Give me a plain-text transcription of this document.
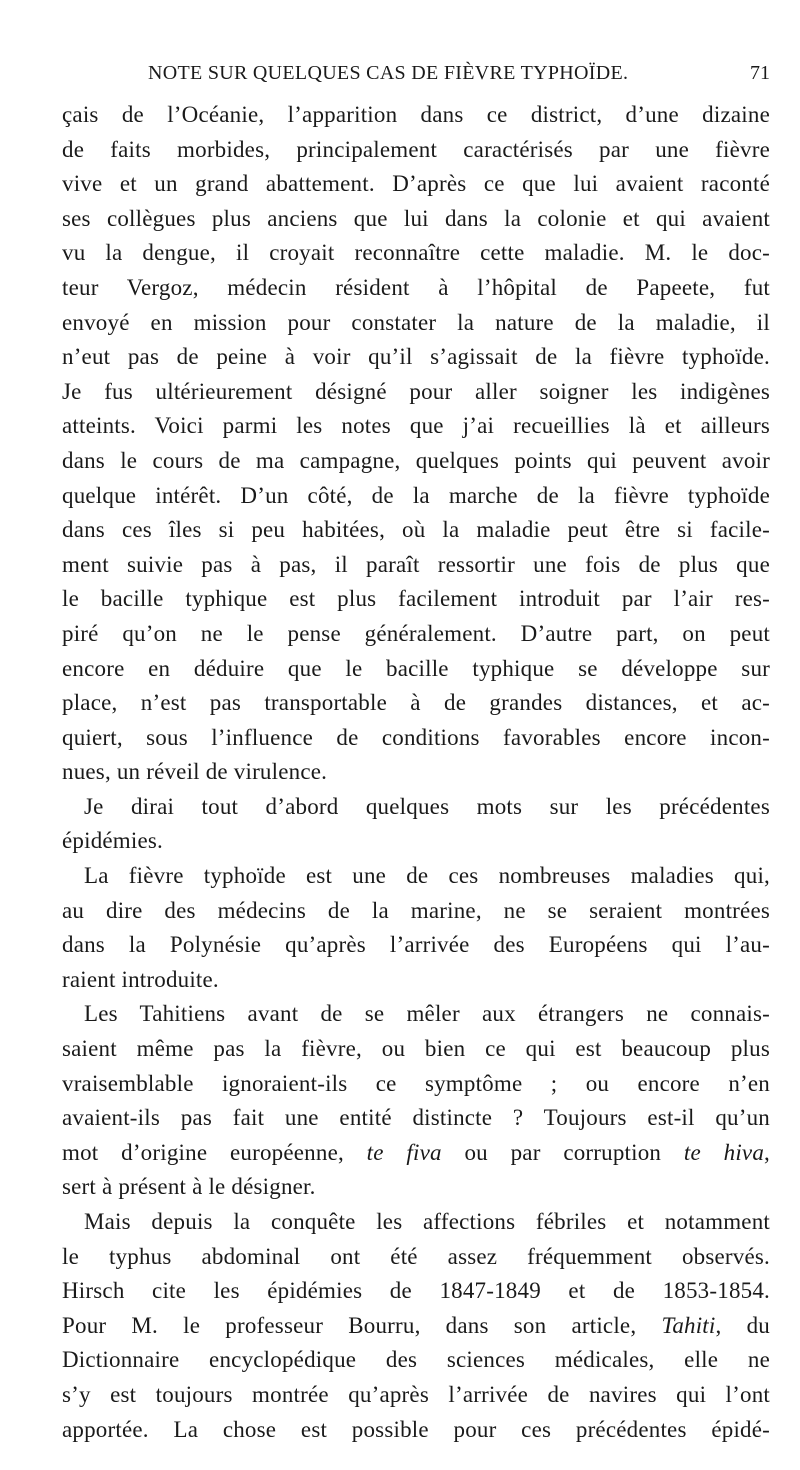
NOTE SUR QUELQUES CAS DE FIÈVRE TYPHOÏDE.	71
çais de l’Océanie, l’apparition dans ce district, d’une dizaine
de faits morbides, principalement caractérisés par une fièvre
vive et un grand abattement. D’après ce que lui avaient raconté
ses collègues plus anciens que lui dans la colonie et qui avaient
vu la dengue, il croyait reconnaître cette maladie. M. le doc-
teur Vergoz, médecin résident à l’hôpital de Papeete, fut
envoyé en mission pour constater la nature de la maladie, il
n’eut pas de peine à voir qu’il s’agissait de la fièvre typhoïde.
Je fus ultérieurement désigné pour aller soigner les indigènes
atteints. Voici parmi les notes que j’ai recueillies là et ailleurs
dans le cours de ma campagne, quelques points qui peuvent avoir
quelque intérêt. D’un côté, de la marche de la fièvre typhoïde
dans ces îles si peu habitées, où la maladie peut être si facile-
ment suivie pas à pas, il paraît ressortir une fois de plus que
le bacille typhique est plus facilement introduit par l’air res-
piré qu’on ne le pense généralement. D’autre part, on peut
encore en déduire que le bacille typhique se développe sur
place, n’est pas transportable à de grandes distances, et ac-
quiert, sous l’influence de conditions favorables encore incon-
nues, un réveil de virulence.
Je dirai tout d’abord quelques mots sur les précédentes
épidémies.
La fièvre typhoïde est une de ces nombreuses maladies qui,
au dire des médecins de la marine, ne se seraient montrées
dans la Polynésie qu’après l’arrivée des Européens qui l’au-
raient introduite.
Les Tahitiens avant de se mêler aux étrangers ne connais-
saient même pas la fièvre, ou bien ce qui est beaucoup plus
vraisemblable ignoraient-ils ce symptôme ; ou encore n’en
avaient-ils pas fait une entité distincte ? Toujours est-il qu’un
mot d’origine européenne, te fiva ou par corruption te hiva,
sert à présent à le désigner.
Mais depuis la conquête les affections fébriles et notamment
le typhus abdominal ont été assez fréquemment observés.
Hirsch cite les épidémies de 1847-1849 et de 1853-1854.
Pour M. le professeur Bourru, dans son article, Tahiti, du
Dictionnaire encyclopédique des sciences médicales, elle ne
s’y est toujours montrée qu’après l’arrivée de navires qui l’ont
apportée. La chose est possible pour ces précédentes épidé-
